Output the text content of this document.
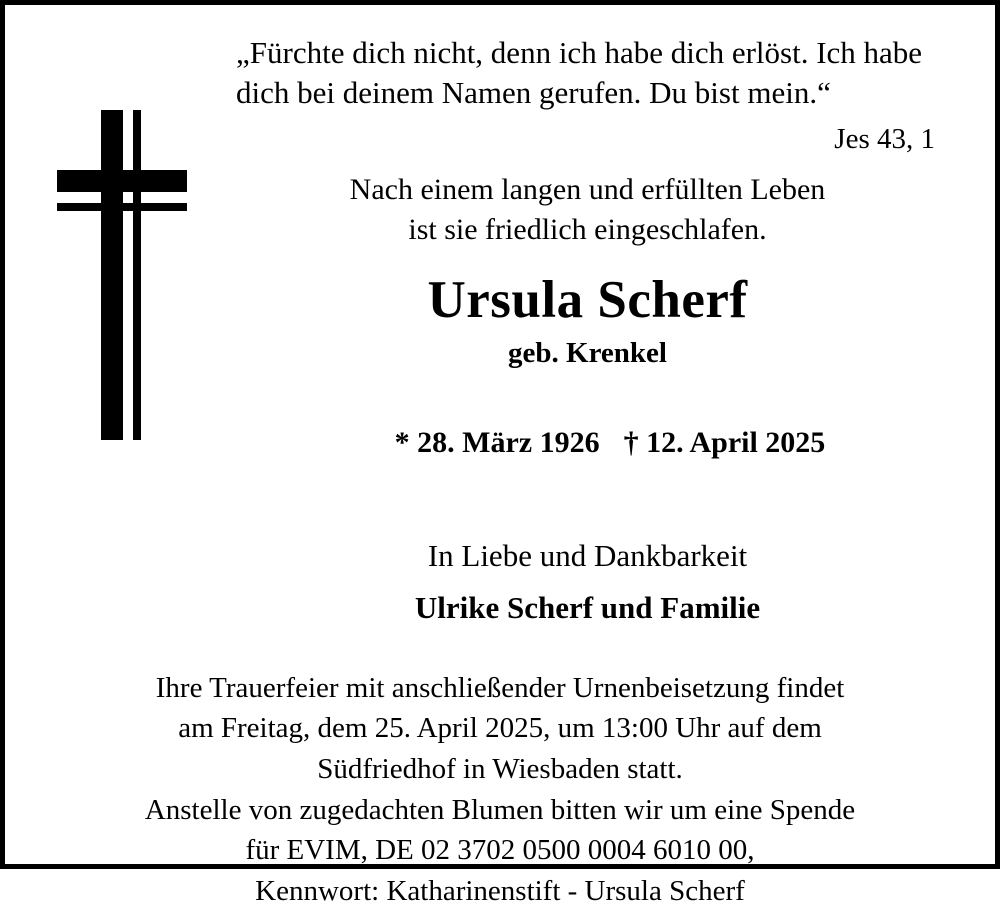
„Fürchte dich nicht, denn ich habe dich erlöst. Ich habe dich bei deinem Namen gerufen. Du bist mein.“
Jes 43, 1
Nach einem langen und erfüllten Leben
ist sie friedlich eingeschlafen.
Ursula Scherf
geb. Krenkel

* 28. März 1926 † 12. April 2025

In Liebe und Dankbarkeit
Ulrike Scherf und Familie
Ihre Trauerfeier mit anschließender Urnenbeisetzung findet
am Freitag, dem 25. April 2025, um 13:00 Uhr auf dem
Südfriedhof in Wiesbaden statt.
Anstelle von zugedachten Blumen bitten wir um eine Spende
für EVIM, DE 02 3702 0500 0004 6010 00,
Kennwort: Katharinenstift - Ursula Scherf
